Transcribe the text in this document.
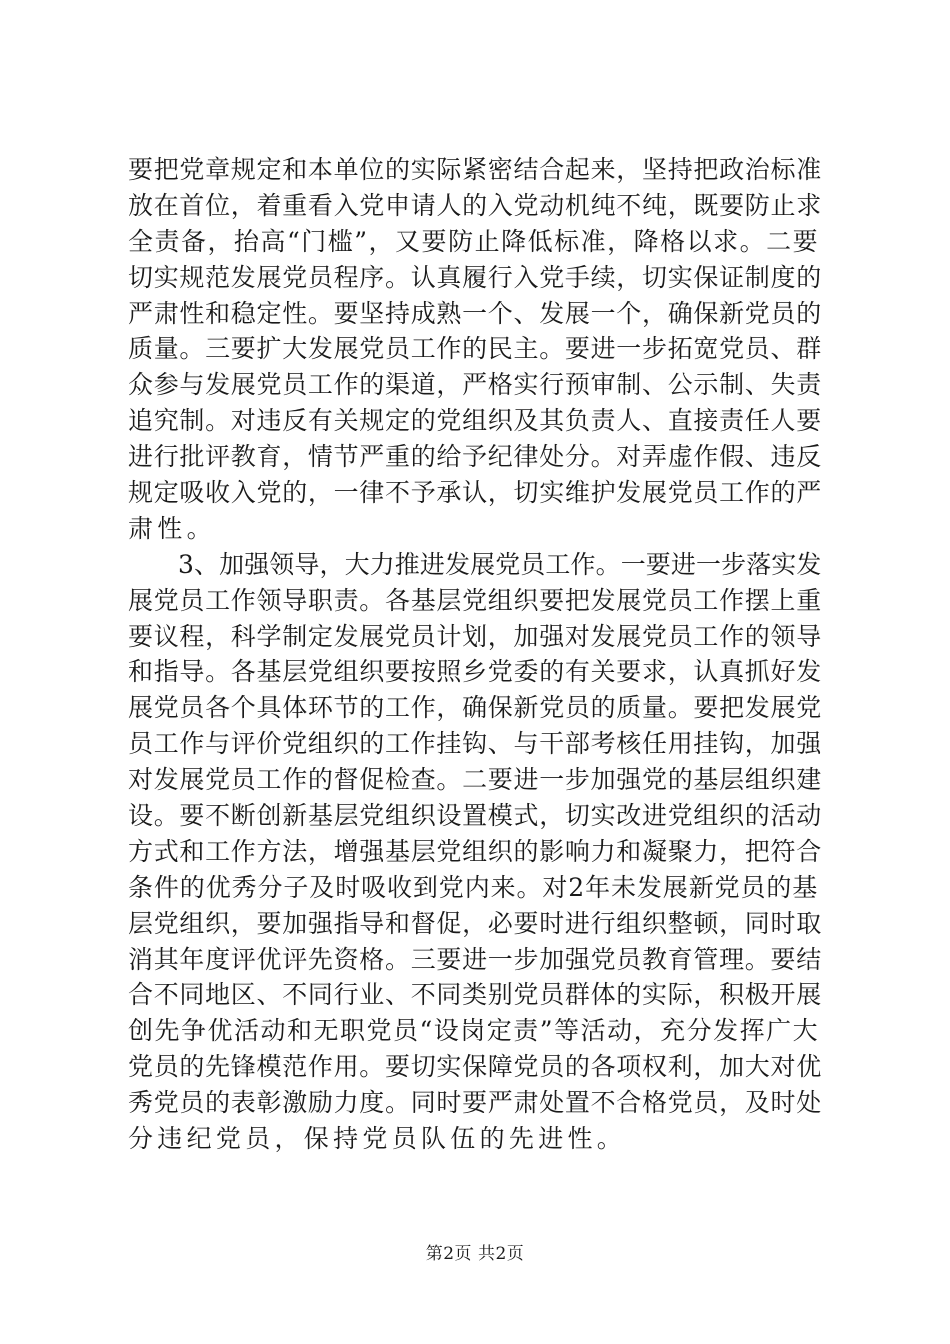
要把党章规定和本单位的实际紧密结合起来，坚持把政治标准
放在首位，着重看入党申请人的入党动机纯不纯，既要防止求
全责备，抬高“门槛”，又要防止降低标准，降格以求。二要
切实规范发展党员程序。认真履行入党手续，切实保证制度的
严肃性和稳定性。要坚持成熟一个、发展一个，确保新党员的
质量。三要扩大发展党员工作的民主。要进一步拓宽党员、群
众参与发展党员工作的渠道，严格实行预审制、公示制、失责
追究制。对违反有关规定的党组织及其负责人、直接责任人要
进行批评教育，情节严重的给予纪律处分。对弄虚作假、违反
规定吸收入党的，一律不予承认，切实维护发展党员工作的严
肃性。
3、加强领导，大力推进发展党员工作。一要进一步落实发
展党员工作领导职责。各基层党组织要把发展党员工作摆上重
要议程，科学制定发展党员计划，加强对发展党员工作的领导
和指导。各基层党组织要按照乡党委的有关要求，认真抓好发
展党员各个具体环节的工作，确保新党员的质量。要把发展党
员工作与评价党组织的工作挂钩、与干部考核任用挂钩，加强
对发展党员工作的督促检查。二要进一步加强党的基层组织建
设。要不断创新基层党组织设置模式，切实改进党组织的活动
方式和工作方法，增强基层党组织的影响力和凝聚力，把符合
条件的优秀分子及时吸收到党内来。对2年未发展新党员的基
层党组织，要加强指导和督促，必要时进行组织整顿，同时取
消其年度评优评先资格。三要进一步加强党员教育管理。要结
合不同地区、不同行业、不同类别党员群体的实际，积极开展
创先争优活动和无职党员“设岗定责”等活动，充分发挥广大
党员的先锋模范作用。要切实保障党员的各项权利，加大对优
秀党员的表彰激励力度。同时要严肃处置不合格党员，及时处
分违纪党员，保持党员队伍的先进性。
第2页 共2页
